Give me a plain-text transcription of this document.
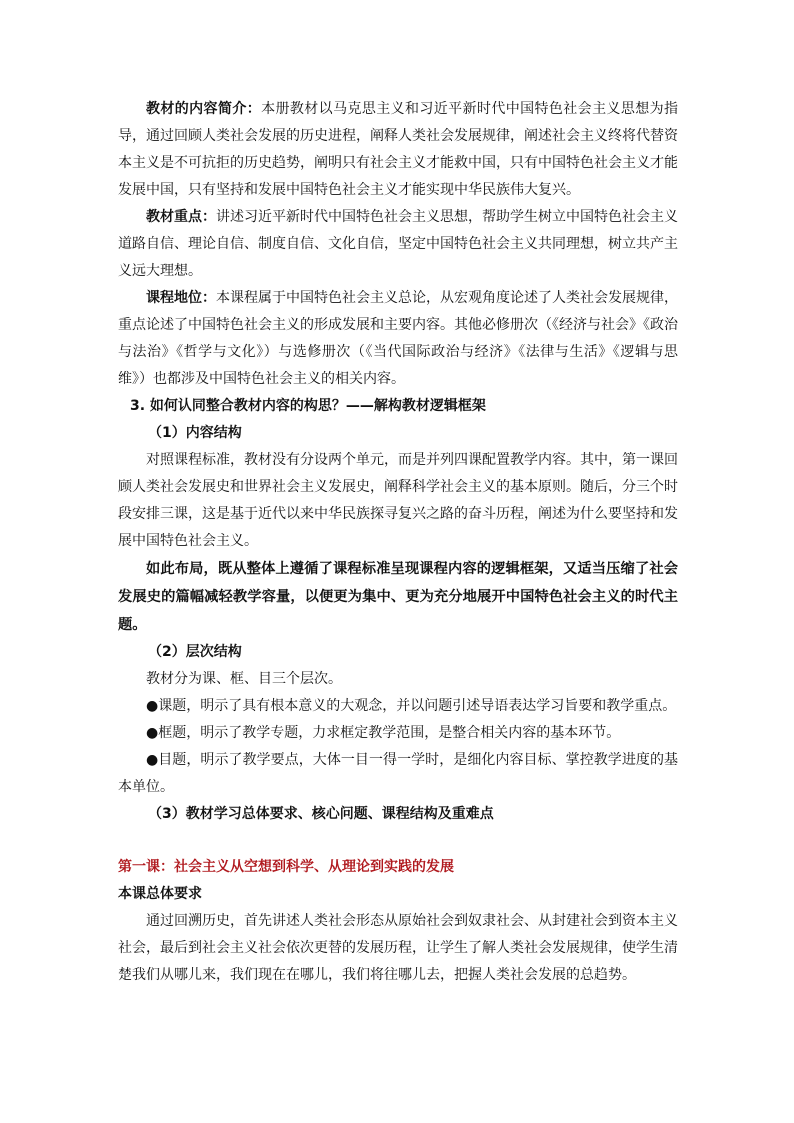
教材的内容简介：本册教材以马克思主义和习近平新时代中国特色社会主义思想为指导，通过回顾人类社会发展的历史进程，阐释人类社会发展规律，阐述社会主义终将代替资本主义是不可抗拒的历史趋势，阐明只有社会主义才能救中国，只有中国特色社会主义才能发展中国，只有坚持和发展中国特色社会主义才能实现中华民族伟大复兴。

教材重点：讲述习近平新时代中国特色社会主义思想，帮助学生树立中国特色社会主义道路自信、理论自信、制度自信、文化自信，坚定中国特色社会主义共同理想，树立共产主义远大理想。

课程地位：本课程属于中国特色社会主义总论，从宏观角度论述了人类社会发展规律，重点论述了中国特色社会主义的形成发展和主要内容。其他必修册次（《经济与社会》《政治与法治》《哲学与文化》）与选修册次（《当代国际政治与经济》《法律与生活》《逻辑与思维》）也都涉及中国特色社会主义的相关内容。

3. 如何认同整合教材内容的构思？——解构教材逻辑框架

（1）内容结构

对照课程标准，教材没有分设两个单元，而是并列四课配置教学内容。其中，第一课回顾人类社会发展史和世界社会主义发展史，阐释科学社会主义的基本原则。随后，分三个时段安排三课，这是基于近代以来中华民族探寻复兴之路的奋斗历程，阐述为什么要坚持和发展中国特色社会主义。

如此布局，既从整体上遵循了课程标准呈现课程内容的逻辑框架，又适当压缩了社会发展史的篇幅减轻教学容量，以便更为集中、更为充分地展开中国特色社会主义的时代主题。

（2）层次结构

教材分为课、框、目三个层次。

●课题，明示了具有根本意义的大观念，并以问题引述导语表达学习旨要和教学重点。

●框题，明示了教学专题，力求框定教学范围，是整合相关内容的基本环节。

●目题，明示了教学要点，大体一目一得一学时，是细化内容目标、掌控教学进度的基本单位。

（3）教材学习总体要求、核心问题、课程结构及重难点

第一课：社会主义从空想到科学、从理论到实践的发展

本课总体要求

通过回溯历史，首先讲述人类社会形态从原始社会到奴隶社会、从封建社会到资本主义社会，最后到社会主义社会依次更替的发展历程，让学生了解人类社会发展规律，使学生清楚我们从哪儿来，我们现在在哪儿，我们将往哪儿去，把握人类社会发展的总趋势。
